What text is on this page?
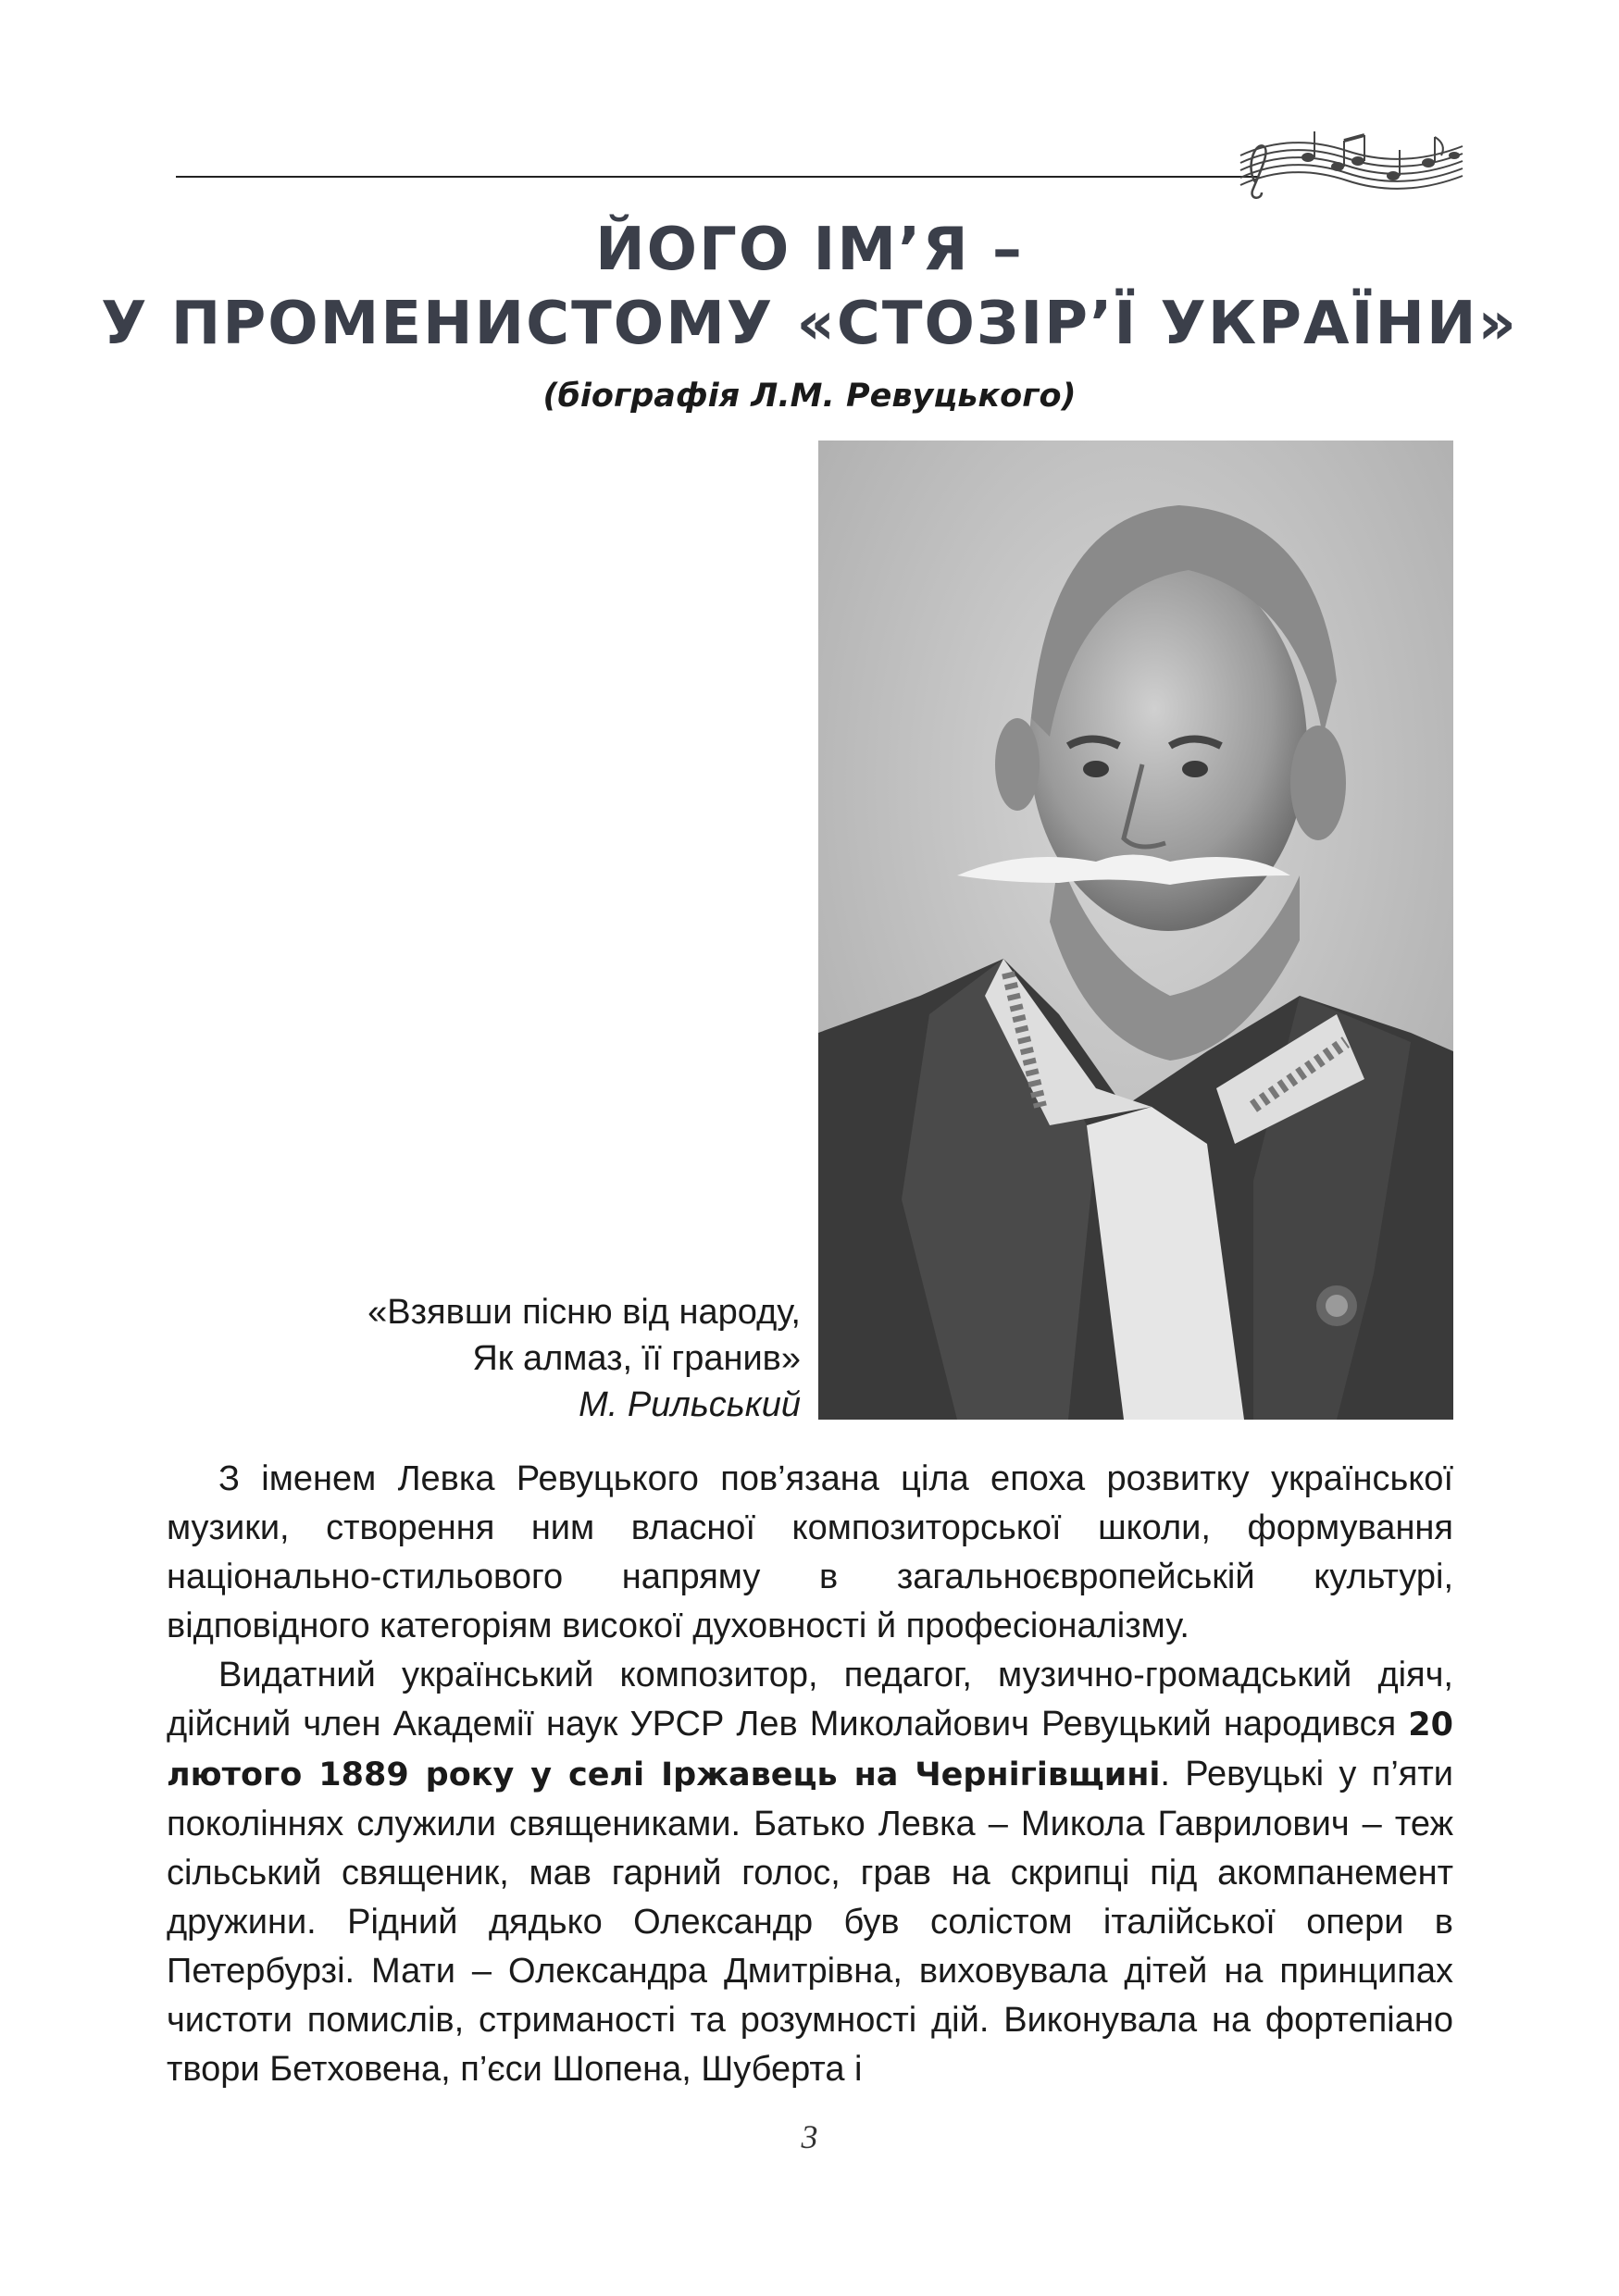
ЙОГО ІМ’Я –
У ПРОМЕНИСТОМУ «СТОЗІР’Ї УКРАЇНИ»
(біографія Л.М. Ревуцького)
«Взявши пісню від народу,
Як алмаз, її гранив»
М. Рильський

З іменем Левка Ревуцького пов’язана ціла епоха розвитку української музики, створення ним власної композиторської школи, формування національно-стильового напряму в загальноєвропейській культурі, відповідного категоріям високої духовності й професіоналізму.

Видатний український композитор, педагог, музично-громадський діяч, дійсний член Академії наук УРСР Лев Миколайович Ревуцький народився 20 лютого 1889 року у селі Іржавець на Чернігівщині. Ревуцькі у п’яти поколіннях служили священиками. Батько Левка – Микола Гаврилович – теж сільський священик, мав гарний голос, грав на скрипці під акомпанемент дружини. Рідний дядько Олександр був солістом італійської опери в Петербурзі. Мати – Олександра Дмитрівна, виховувала дітей на принципах чистоти помислів, стриманості та розумності дій. Виконувала на фортепіано твори Бетховена, п’єси Шопена, Шуберта і

3
